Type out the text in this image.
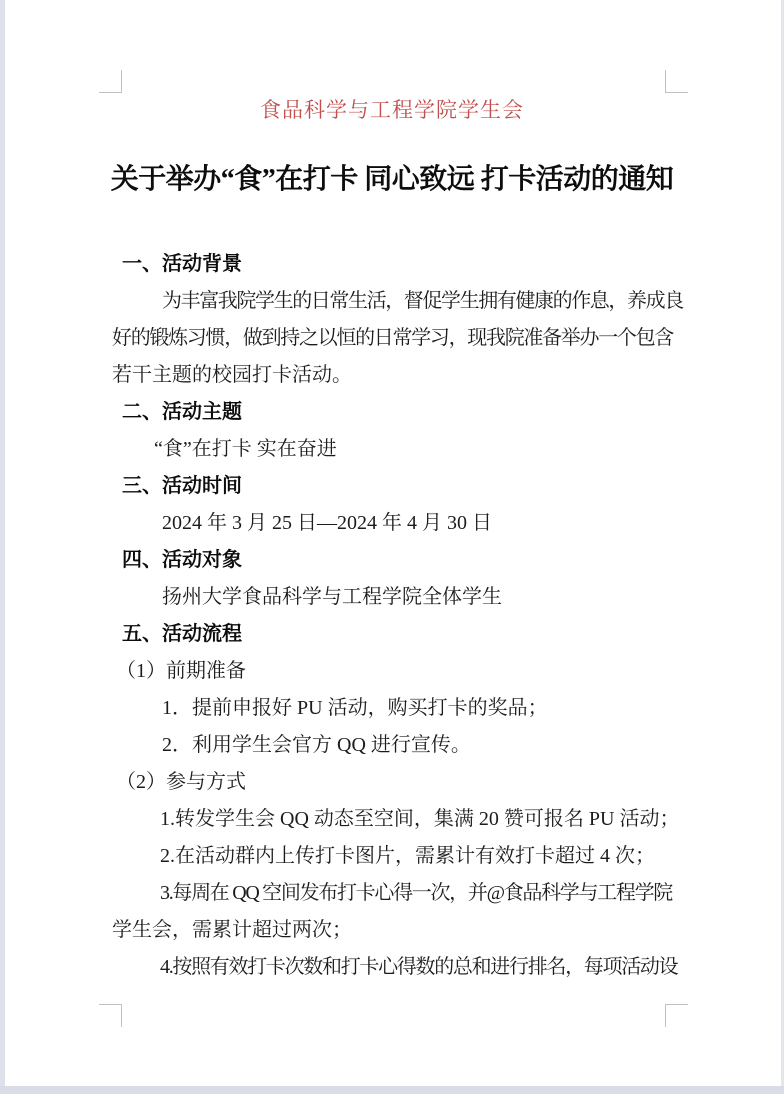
食品科学与工程学院学生会
关于举办“食”在打卡 同心致远 打卡活动的通知
一、活动背景
为丰富我院学生的日常生活，督促学生拥有健康的作息，养成良
好的锻炼习惯，做到持之以恒的日常学习，现我院准备举办一个包含
若干主题的校园打卡活动。
二、活动主题
“食”在打卡 实在奋进
三、活动时间
2024 年 3 月 25 日—2024 年 4 月 30 日
四、活动对象
扬州大学食品科学与工程学院全体学生
五、活动流程
（1）前期准备
1．提前申报好 PU 活动，购买打卡的奖品；
2．利用学生会官方 QQ 进行宣传。
（2）参与方式
1.转发学生会 QQ 动态至空间，集满 20 赞可报名 PU 活动；
2.在活动群内上传打卡图片，需累计有效打卡超过 4 次；
3.每周在 QQ 空间发布打卡心得一次，并@食品科学与工程学院
学生会，需累计超过两次；
4.按照有效打卡次数和打卡心得数的总和进行排名，每项活动设
